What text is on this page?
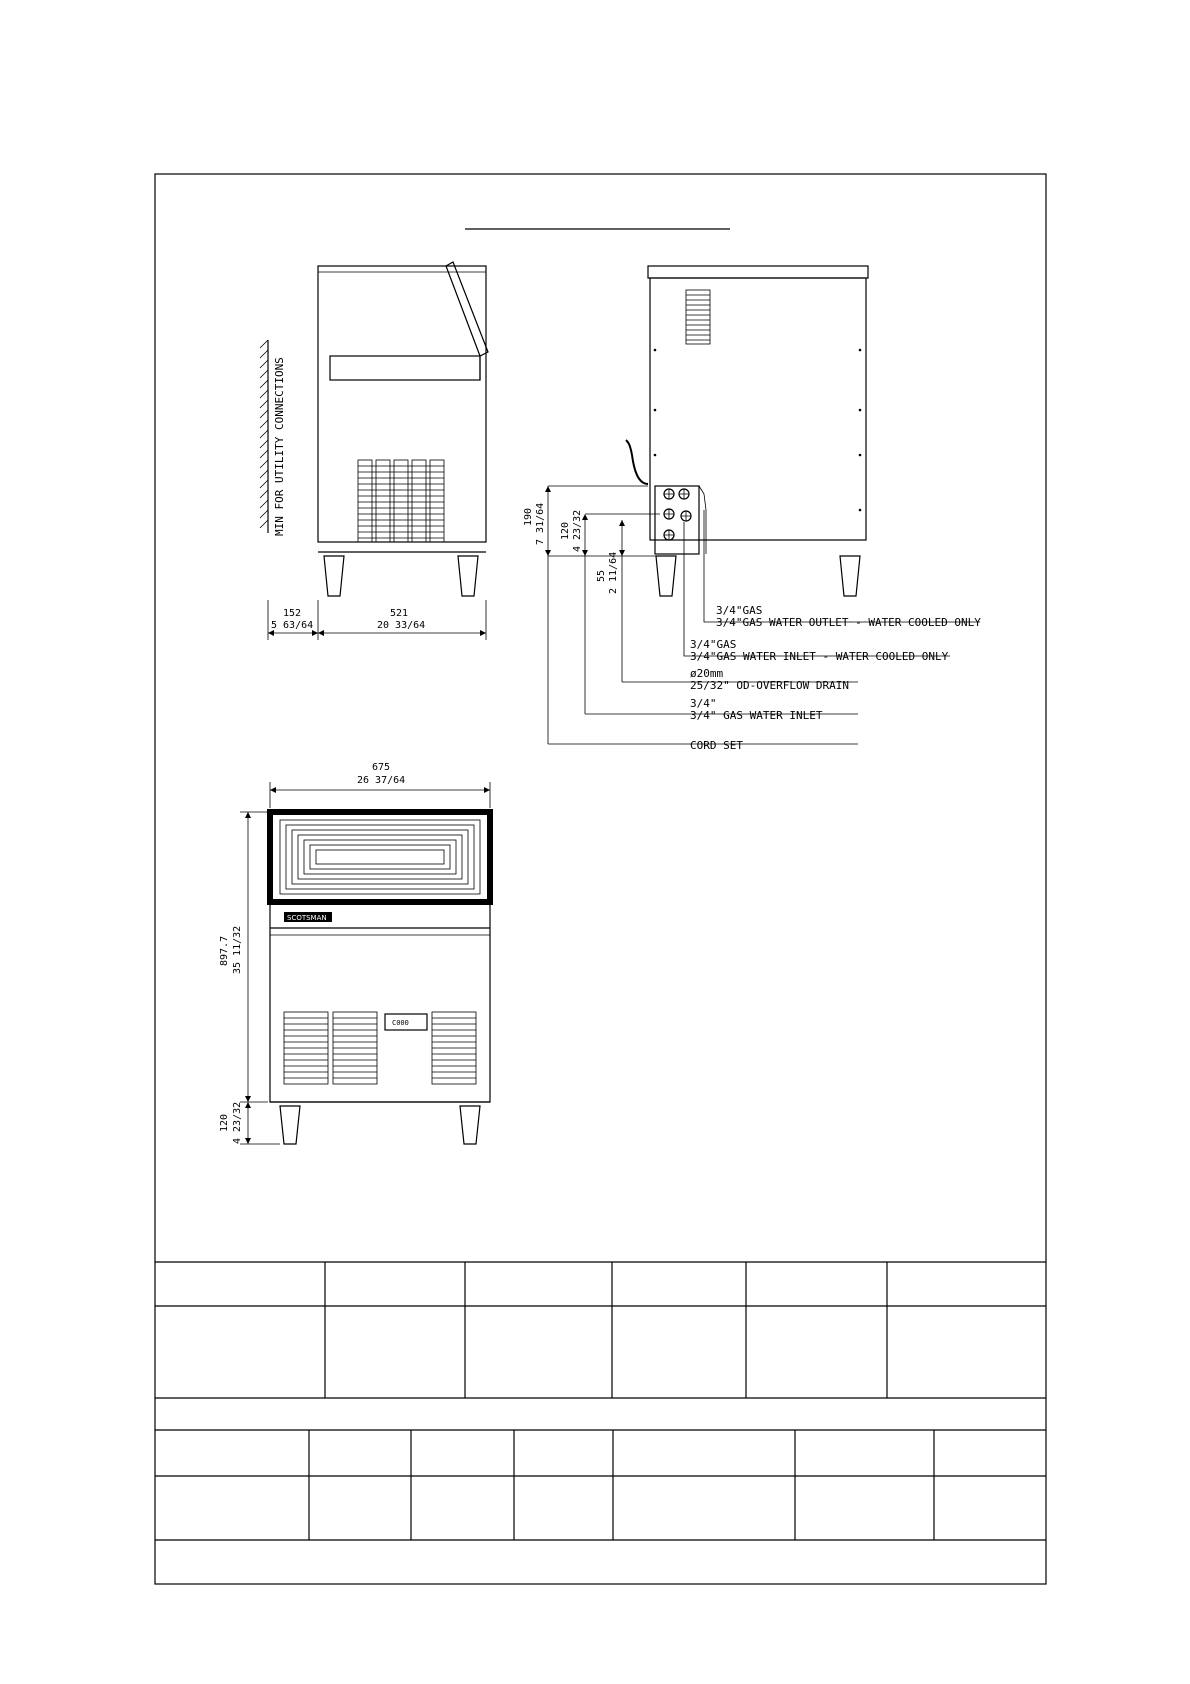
MIN FOR UTILITY CONNECTIONS
152
5 63/64
521
20 33/64
190 7 31/64 120 4 23/32
55 2 11/64
3/4"GAS
3/4"GAS WATER OUTLET - WATER COOLED ONLY
3/4"GAS
3/4"GAS WATER INLET - WATER COOLED ONLY
ø20mm
25/32" OD-OVERFLOW DRAIN
3/4"
3/4" GAS WATER INLET
CORD SET
675
26 37/64
SCOTSMAN
C000
897.7 35 11/32
120 4 23/32
